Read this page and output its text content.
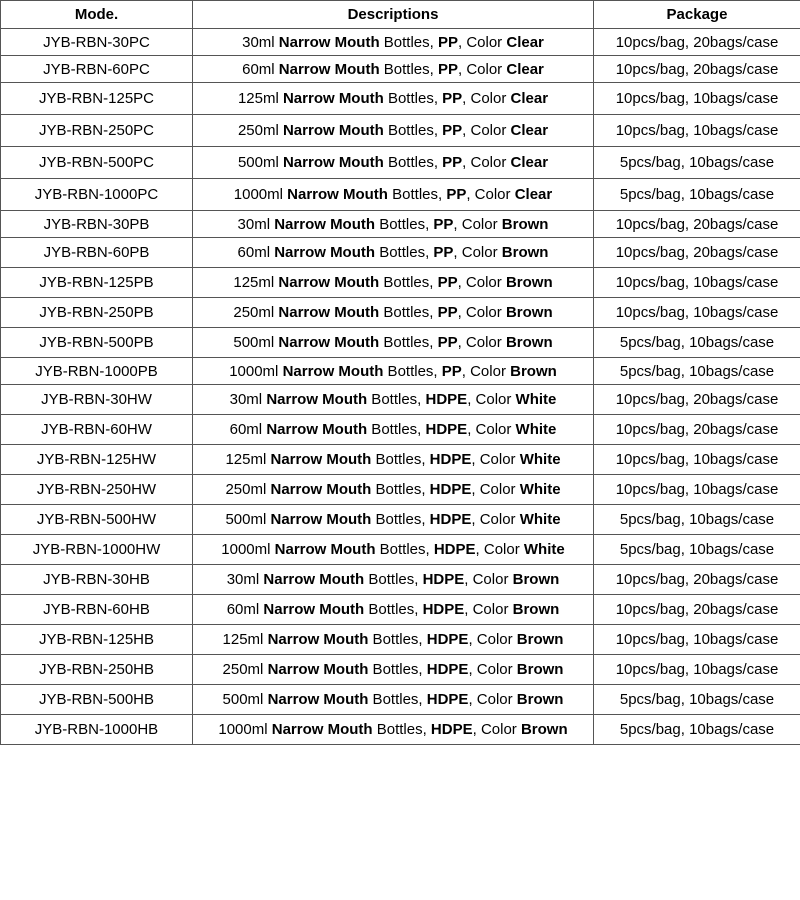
Mode.	Descriptions	Package
JYB-RBN-30PC	30ml Narrow Mouth Bottles, PP, Color Clear	10pcs/bag, 20bags/case
JYB-RBN-60PC	60ml Narrow Mouth Bottles, PP, Color Clear	10pcs/bag, 20bags/case
JYB-RBN-125PC	125ml Narrow Mouth Bottles, PP, Color Clear	10pcs/bag, 10bags/case
JYB-RBN-250PC	250ml Narrow Mouth Bottles, PP, Color Clear	10pcs/bag, 10bags/case
JYB-RBN-500PC	500ml Narrow Mouth Bottles, PP, Color Clear	5pcs/bag, 10bags/case
JYB-RBN-1000PC	1000ml Narrow Mouth Bottles, PP, Color Clear	5pcs/bag, 10bags/case
JYB-RBN-30PB	30ml Narrow Mouth Bottles, PP, Color Brown	10pcs/bag, 20bags/case
JYB-RBN-60PB	60ml Narrow Mouth Bottles, PP, Color Brown	10pcs/bag, 20bags/case
JYB-RBN-125PB	125ml Narrow Mouth Bottles, PP, Color Brown	10pcs/bag, 10bags/case
JYB-RBN-250PB	250ml Narrow Mouth Bottles, PP, Color Brown	10pcs/bag, 10bags/case
JYB-RBN-500PB	500ml Narrow Mouth Bottles, PP, Color Brown	5pcs/bag, 10bags/case
JYB-RBN-1000PB	1000ml Narrow Mouth Bottles, PP, Color Brown	5pcs/bag, 10bags/case
JYB-RBN-30HW	30ml Narrow Mouth Bottles, HDPE, Color White	10pcs/bag, 20bags/case
JYB-RBN-60HW	60ml Narrow Mouth Bottles, HDPE, Color White	10pcs/bag, 20bags/case
JYB-RBN-125HW	125ml Narrow Mouth Bottles, HDPE, Color White	10pcs/bag, 10bags/case
JYB-RBN-250HW	250ml Narrow Mouth Bottles, HDPE, Color White	10pcs/bag, 10bags/case
JYB-RBN-500HW	500ml Narrow Mouth Bottles, HDPE, Color White	5pcs/bag, 10bags/case
JYB-RBN-1000HW	1000ml Narrow Mouth Bottles, HDPE, Color White	5pcs/bag, 10bags/case
JYB-RBN-30HB	30ml Narrow Mouth Bottles, HDPE, Color Brown	10pcs/bag, 20bags/case
JYB-RBN-60HB	60ml Narrow Mouth Bottles, HDPE, Color Brown	10pcs/bag, 20bags/case
JYB-RBN-125HB	125ml Narrow Mouth Bottles, HDPE, Color Brown	10pcs/bag, 10bags/case
JYB-RBN-250HB	250ml Narrow Mouth Bottles, HDPE, Color Brown	10pcs/bag, 10bags/case
JYB-RBN-500HB	500ml Narrow Mouth Bottles, HDPE, Color Brown	5pcs/bag, 10bags/case
JYB-RBN-1000HB	1000ml Narrow Mouth Bottles, HDPE, Color Brown	5pcs/bag, 10bags/case
